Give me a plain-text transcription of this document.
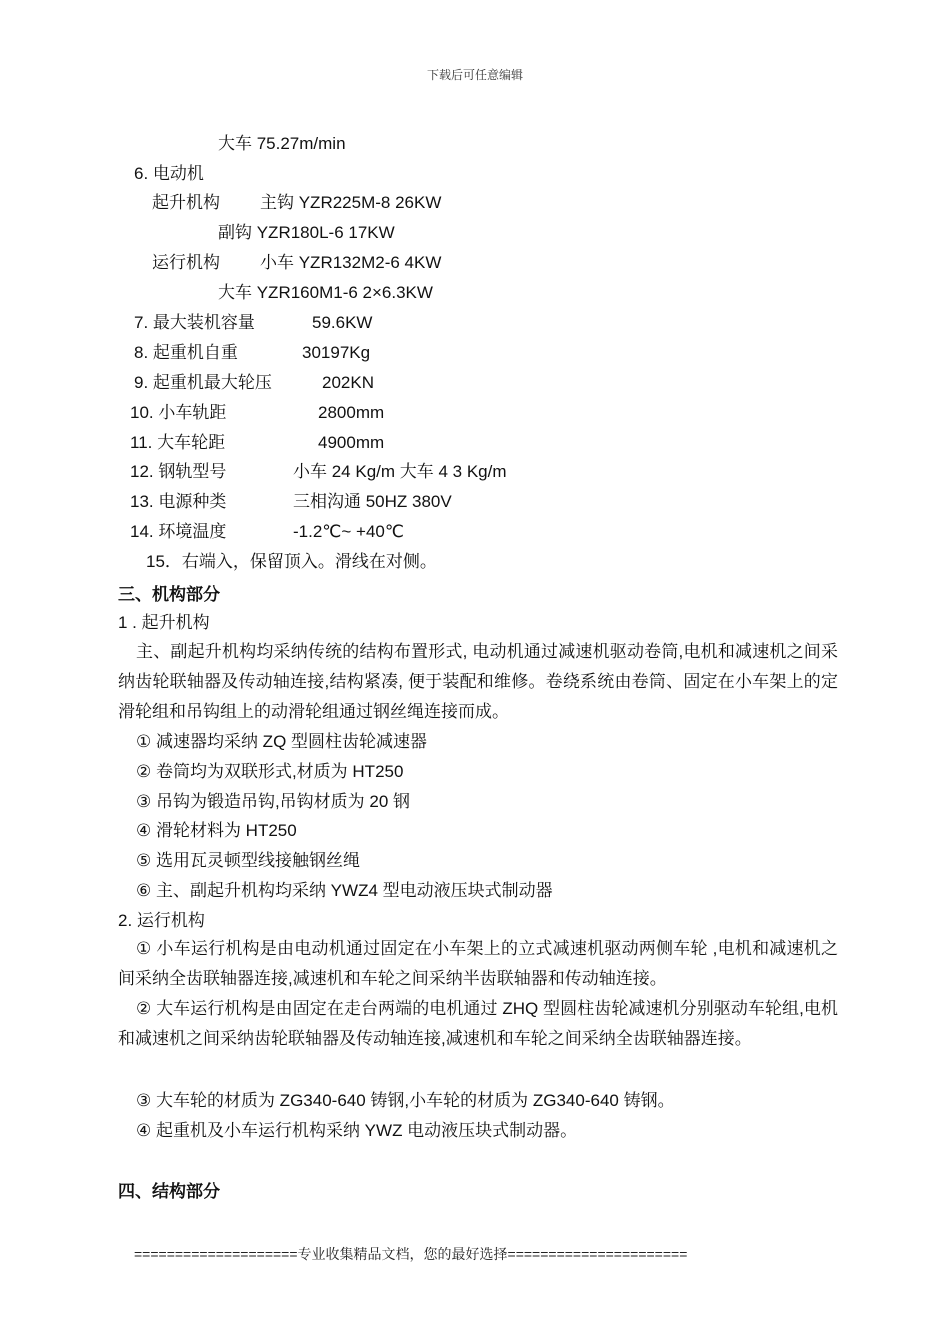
下载后可任意编辑
大车 75.27m/min
6. 电动机
起升机构 主钩 YZR225M-8 26KW
副钩 YZR180L-6 17KW
运行机构 小车 YZR132M2-6 4KW
大车 YZR160M1-6 2×6.3KW
7. 最大装机容量	59.6KW
8. 起重机自重	30197Kg
9. 起重机最大轮压	202KN
10. 小车轨距	2800mm
11. 大车轮距	4900mm
12. 钢轨型号	小车 24 Kg/m 大车 4 3 Kg/m
13. 电源种类	三相沟通 50HZ 380V
14. 环境温度	-1.2℃~ +40℃
15．右端入，保留顶入。滑线在对侧。
三、机构部分
1 . 起升机构
主、副起升机构均采纳传统的结构布置形式, 电动机通过减速机驱动卷筒,电机和减速机之间采纳齿轮联轴器及传动轴连接,结构紧凑, 便于装配和维修。卷绕系统由卷筒、固定在小车架上的定滑轮组和吊钩组上的动滑轮组通过钢丝绳连接而成。
① 减速器均采纳 ZQ 型圆柱齿轮减速器
② 卷筒均为双联形式,材质为 HT250
③ 吊钩为锻造吊钩,吊钩材质为 20 钢
④ 滑轮材料为 HT250
⑤ 选用瓦灵顿型线接触钢丝绳
⑥ 主、副起升机构均采纳 YWZ4 型电动液压块式制动器
2. 运行机构
① 小车运行机构是由电动机通过固定在小车架上的立式减速机驱动两侧车轮 ,电机和减速机之间采纳全齿联轴器连接,减速机和车轮之间采纳半齿联轴器和传动轴连接。
② 大车运行机构是由固定在走台两端的电机通过 ZHQ 型圆柱齿轮减速机分别驱动车轮组,电机和减速机之间采纳齿轮联轴器及传动轴连接,减速机和车轮之间采纳全齿联轴器连接。
③ 大车轮的材质为 ZG340-640 铸钢,小车轮的材质为 ZG340-640 铸钢。
④ 起重机及小车运行机构采纳 YWZ 电动液压块式制动器。
四、结构部分
====================专业收集精品文档，您的最好选择======================
